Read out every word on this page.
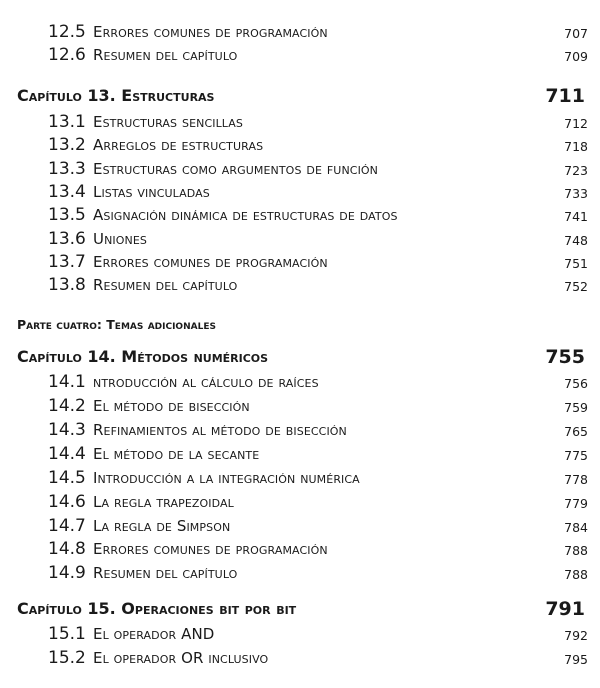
12.5 Errores comunes de programación	707
12.6 Resumen del capítulo	709
Capítulo 13. Estructuras	711
13.1 Estructuras sencillas	712
13.2 Arreglos de estructuras	718
13.3 Estructuras como argumentos de función	723
13.4 Listas vinculadas	733
13.5 Asignación dinámica de estructuras de datos	741
13.6 Uniones	748
13.7 Errores comunes de programación	751
13.8 Resumen del capítulo	752
Parte cuatro: Temas adicionales
Capítulo 14. Métodos numéricos	755
14.1 ntroducción al cálculo de raíces	756
14.2 El método de bisección	759
14.3 Refinamientos al método de bisección	765
14.4 El método de la secante	775
14.5 Introducción a la integración numérica	778
14.6 La regla trapezoidal	779
14.7 La regla de Simpson	784
14.8 Errores comunes de programación	788
14.9 Resumen del capítulo	788
Capítulo 15. Operaciones bit por bit	791
15.1 El operador AND	792
15.2 El operador OR inclusivo	795
